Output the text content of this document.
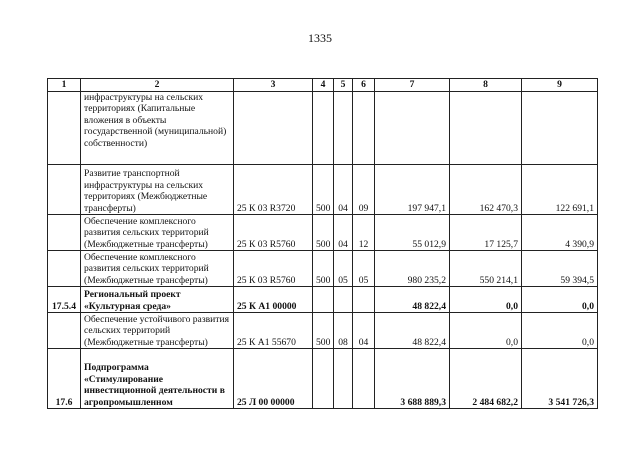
1335
1	2	3	4	5	6	7	8	9
	инфраструктуры на сельских территориях (Капитальные вложения в объекты государственной (муниципальной) собственности)							
	Развитие транспортной инфраструктуры на сельских территориях (Межбюджетные трансферты)	25 К 03 R3720	500	04	09	197 947,1	162 470,3	122 691,1
	Обеспечение комплексного развития сельских территорий (Межбюджетные трансферты)	25 К 03 R5760	500	04	12	55 012,9	17 125,7	4 390,9
	Обеспечение комплексного развития сельских территорий (Межбюджетные трансферты)	25 К 03 R5760	500	05	05	980 235,2	550 214,1	59 394,5
17.5.4	Региональный проект «Культурная среда»	25 К А1 00000				48 822,4	0,0	0,0
	Обеспечение устойчивого развития сельских территорий (Межбюджетные трансферты)	25 К А1 55670	500	08	04	48 822,4	0,0	0,0
17.6	Подпрограмма «Стимулирование инвестиционной деятельности в агропромышленном	25 Л 00 00000				3 688 889,3	2 484 682,2	3 541 726,3
